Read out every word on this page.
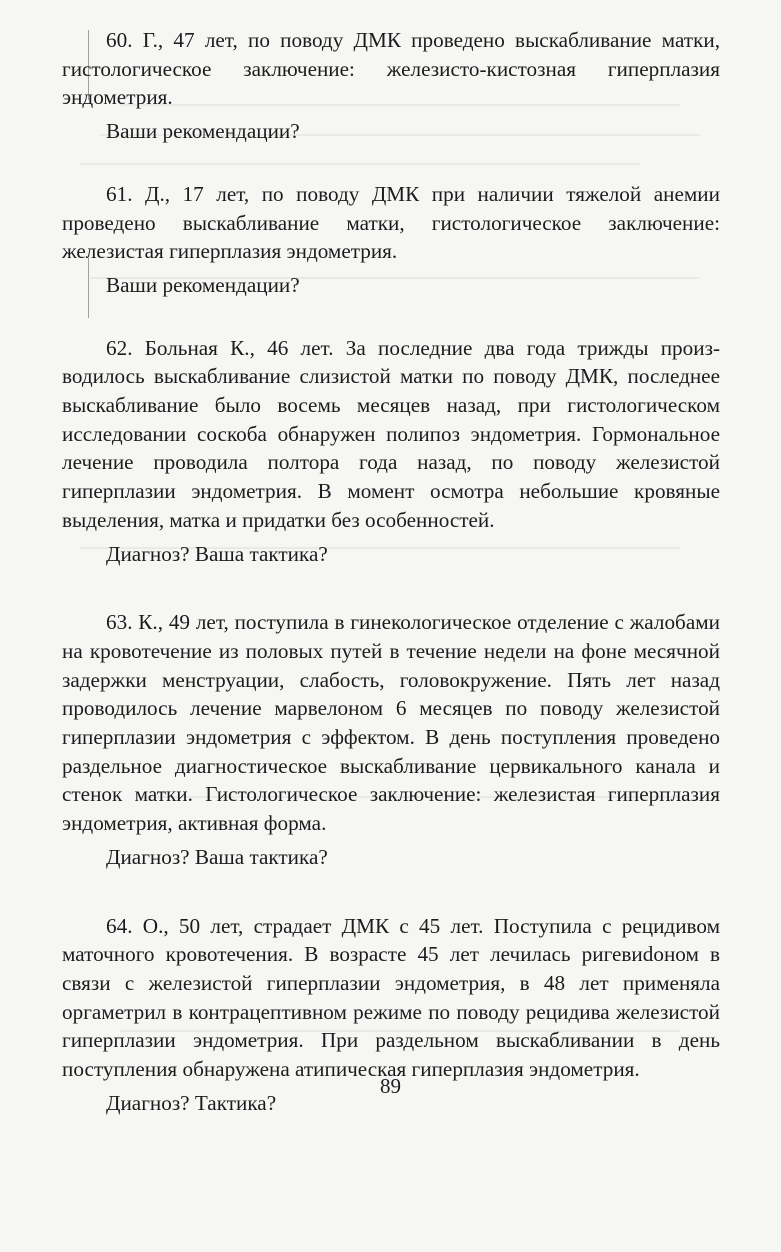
60. Г., 47 лет, по поводу ДМК проведено выскабливание матки, гистологическое заключение: железисто-кистозная гиперплазия эндометрия.

Ваши рекомендации?

61. Д., 17 лет, по поводу ДМК при наличии тяжелой анемии проведено выскабливание матки, гистологическое заключение: железистая гиперплазия эндометрия.

Ваши рекомендации?

62. Больная К., 46 лет. За последние два года трижды производилось выскабливание слизистой матки по поводу ДМК, последнее выскабливание было восемь месяцев назад, при гистологическом исследовании соскоба обнаружен полипоз эндометрия. Гормональное лечение проводила полтора года назад, по поводу железистой гиперплазии эндометрия. В момент осмотра небольшие кровяные выделения, матка и придатки без особенностей.

Диагноз? Ваша тактика?

63. К., 49 лет, поступила в гинекологическое отделение с жалобами на кровотечение из половых путей в течение недели на фоне месячной задержки менструации, слабость, головокружение. Пять лет назад проводилось лечение марвелоном 6 месяцев по поводу железистой гиперплазии эндометрия с эффектом. В день поступления проведено раздельное диагностическое выскабливание цервикального канала и стенок матки. Гистологическое заключение: железистая гиперплазия эндометрия, активная форма.

Диагноз? Ваша тактика?

64. О., 50 лет, страдает ДМК с 45 лет. Поступила с рецидивом маточного кровотечения. В возрасте 45 лет лечилась ригевиdоном в связи с железистой гиперплазии эндометрия, в 48 лет применяла оргаметрил в контрацептивном режиме по поводу рецидива железистой гиперплазии эндометрия. При раздельном выскабливании в день поступления обнаружена атипическая гиперплазия эндометрия.

Диагноз? Тактика?

89
